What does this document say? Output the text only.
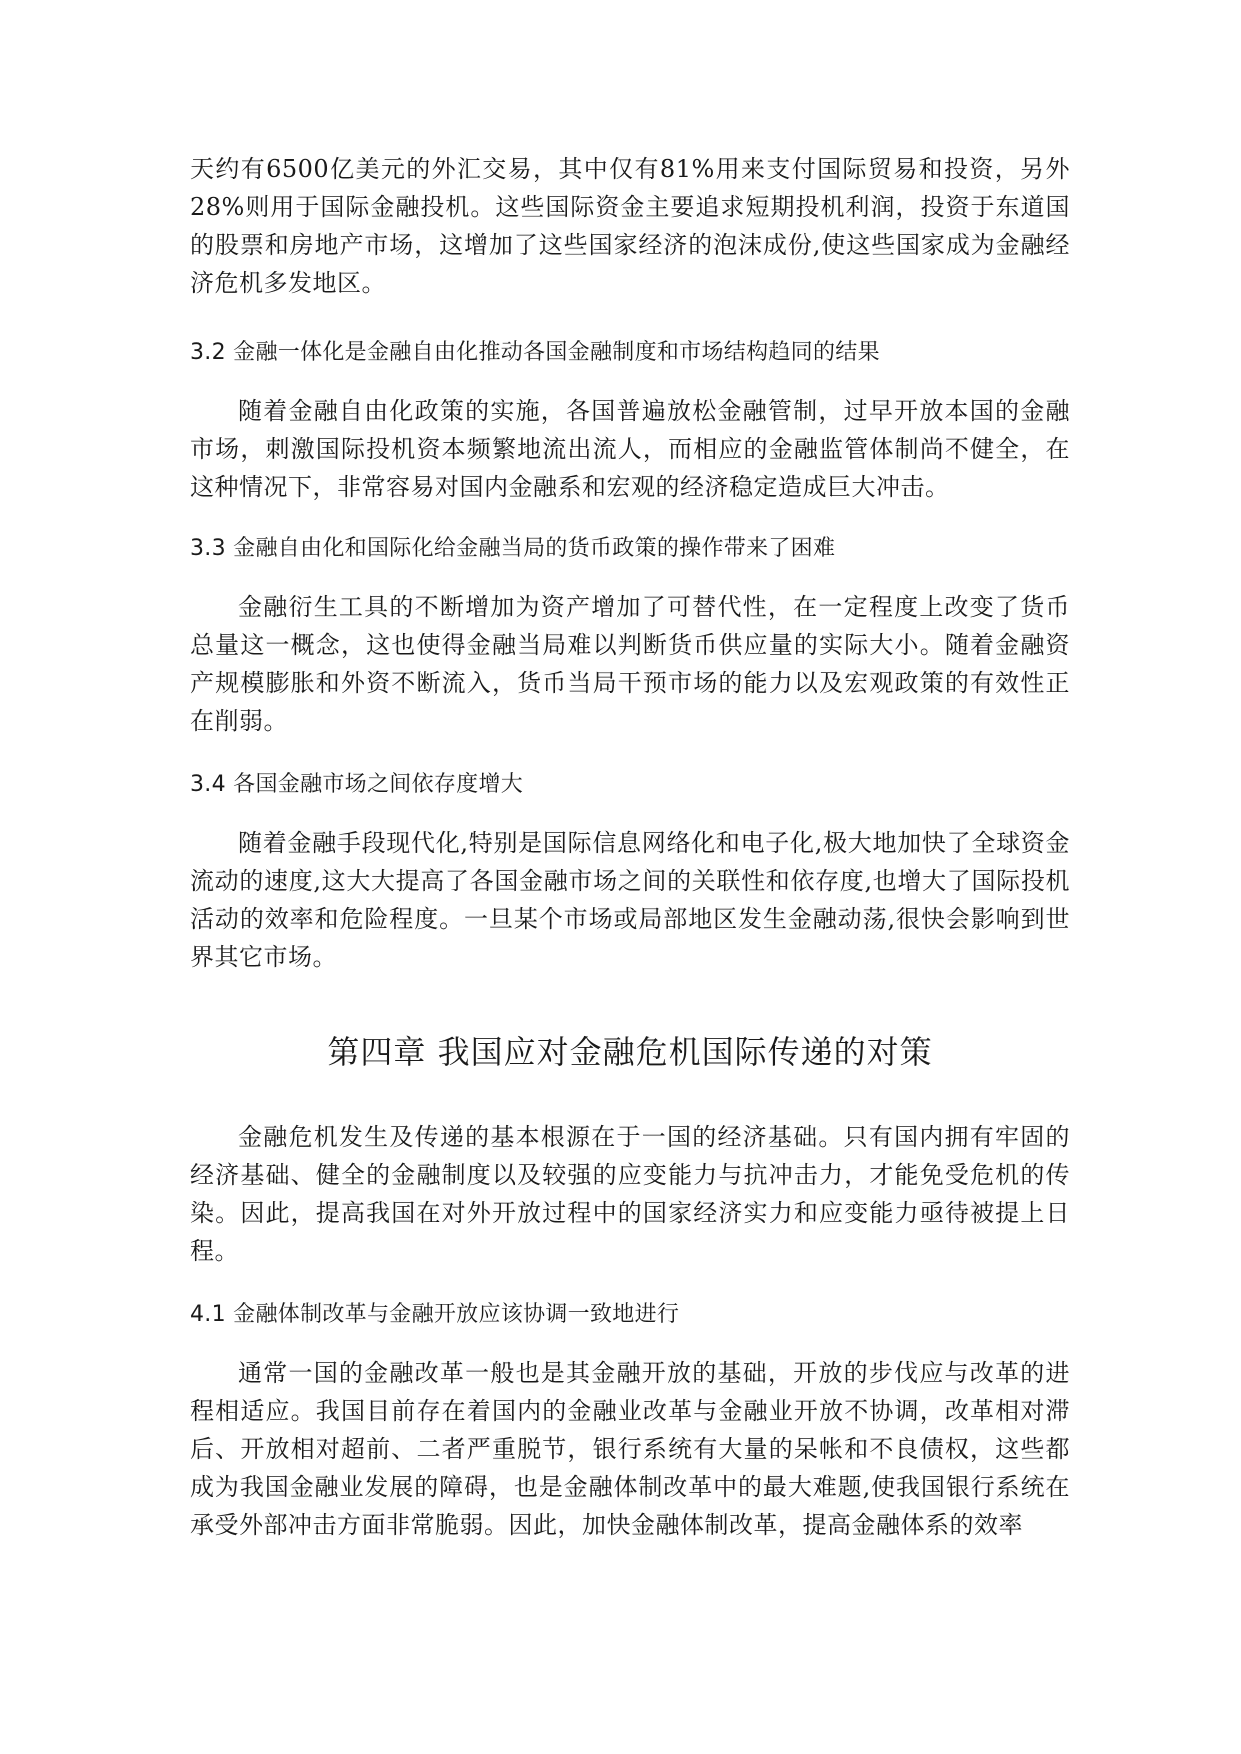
天约有6500亿美元的外汇交易，其中仅有81%用来支付国际贸易和投资，另外28%则用于国际金融投机。这些国际资金主要追求短期投机利润，投资于东道国的股票和房地产市场，这增加了这些国家经济的泡沫成份,使这些国家成为金融经济危机多发地区。

3.2 金融一体化是金融自由化推动各国金融制度和市场结构趋同的结果

随着金融自由化政策的实施，各国普遍放松金融管制，过早开放本国的金融市场，刺激国际投机资本频繁地流出流人，而相应的金融监管体制尚不健全，在这种情况下，非常容易对国内金融系和宏观的经济稳定造成巨大冲击。

3.3 金融自由化和国际化给金融当局的货币政策的操作带来了困难

金融衍生工具的不断增加为资产增加了可替代性，在一定程度上改变了货币总量这一概念，这也使得金融当局难以判断货币供应量的实际大小。随着金融资产规模膨胀和外资不断流入，货币当局干预市场的能力以及宏观政策的有效性正在削弱。

3.4 各国金融市场之间依存度增大

随着金融手段现代化,特别是国际信息网络化和电子化,极大地加快了全球资金流动的速度,这大大提高了各国金融市场之间的关联性和依存度,也增大了国际投机活动的效率和危险程度。一旦某个市场或局部地区发生金融动荡,很快会影响到世界其它市场。

第四章 我国应对金融危机国际传递的对策

金融危机发生及传递的基本根源在于一国的经济基础。只有国内拥有牢固的经济基础、健全的金融制度以及较强的应变能力与抗冲击力，才能免受危机的传染。因此，提高我国在对外开放过程中的国家经济实力和应变能力亟待被提上日程。

4.1 金融体制改革与金融开放应该协调一致地进行

通常一国的金融改革一般也是其金融开放的基础，开放的步伐应与改革的进程相适应。我国目前存在着国内的金融业改革与金融业开放不协调，改革相对滞后、开放相对超前、二者严重脱节，银行系统有大量的呆帐和不良债权，这些都成为我国金融业发展的障碍，也是金融体制改革中的最大难题,使我国银行系统在承受外部冲击方面非常脆弱。因此，加快金融体制改革，提高金融体系的效率
